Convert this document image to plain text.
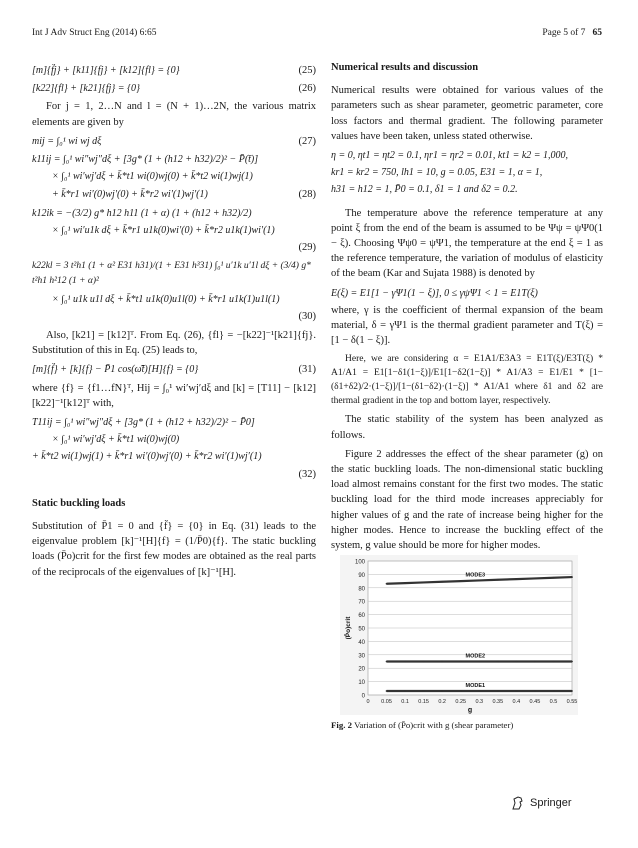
Int J Adv Struct Eng (2014) 6:65	Page 5 of 7 65
[m]{f̈j} + [k11]{fj} + [k12]{fl} = {0}	(25)
[k22]{fl} + [k21]{fj} = {0}	(26)

For j = 1, 2…N and l = (N + 1)…2N, the various matrix elements are given by

mij = ∫₀¹ wi wj dξ	(27)
k11ij = ∫₀¹ wi″wj″dξ + [3g* (1 + (h12 + h32)/2)² − P̄(t̄)]
× ∫₀¹ wi′wj′dξ + k̄*t1 wi(0)wj(0) + k̄*t2 wi(1)wj(1)
+ k̄*r1 wi′(0)wj′(0) + k̄*r2 wi′(1)wj′(1)	(28)
k12ik = −(3/2) g* h12 h11 (1 + α) (1 + (h12 + h32)/2)
× ∫₀¹ wi′u1k dξ + k̄*r1 u1k(0)wi′(0) + k̄*r2 u1k(1)wi′(1)
(29)
k22kl = 3 t²h1 (1 + α² E31 h31)/(1 + E31 h³31) ∫₀¹ u′1k u′1l dξ + (3/4) g* t²h1 h²12 (1 + α)²
× ∫₀¹ u1k u1l dξ + k̄*t1 u1k(0)u1l(0) + k̄*r1 u1k(1)u1l(1)
(30)

Also, [k21] = [k12]ᵀ. From Eq. (26), {fl} = −[k22]⁻¹[k21]{fj}. Substitution of this in Eq. (25) leads to,

[m]{f̈} + [k]{f} − P̄1 cos(ω̄t̄)[H]{f} = {0}	(31)

where {f} = {f1…fN}ᵀ, Hij = ∫₀¹ wi′wj′dξ and [k] = [T11] − [k12][k22]⁻¹[k12]ᵀ with,

T11ij = ∫₀¹ wi″wj″dξ + [3g* (1 + (h12 + h32)/2)² − P̄0]
× ∫₀¹ wi′wj′dξ + k̄*t1 wi(0)wj(0)
+ k̄*t2 wi(1)wj(1) + k̄*r1 wi′(0)wj′(0) + k̄*r2 wi′(1)wj′(1)
(32)
Static buckling loads

Substitution of P̄1 = 0 and {f̈} = {0} in Eq. (31) leads to the eigenvalue problem [k]⁻¹[H]{f} = (1/P̄0){f}. The static buckling loads (P̄o)crit for the first few modes are obtained as the real parts of the reciprocals of the eigenvalues of [k]⁻¹[H].

Numerical results and discussion

Numerical results were obtained for various values of the parameters such as shear parameter, geometric parameter, core loss factors and thermal gradient. The following parameter values have been taken, unless stated otherwise.

η = 0, ηt1 = ηt2 = 0.1, ηr1 = ηr2 = 0.01, kt1 = k2 = 1,000,
kr1 = kr2 = 750, lh1 = 10, g = 0.05, E31 = 1, α = 1,
h31 = h12 = 1, P̄0 = 0.1, δ1 = 1 and δ2 = 0.2.

The temperature above the reference temperature at any point ξ from the end of the beam is assumed to be Ψψ = ψΨ0(1 − ξ). Choosing Ψψ0 = ψΨ1, the temperature at the end ξ = 1 as the reference temperature, the variation of modulus of elasticity of the beam (Kar and Sujata 1988) is denoted by

E(ξ) = E1[1 − γΨ1(1 − ξ)], 0 ≤ γψΨ1 < 1 = E1T(ξ)

where, γ is the coefficient of thermal expansion of the beam material, δ = γΨ1 is the thermal gradient parameter and T(ξ) = [1 − δ(1 − ξ)].

Here, we are considering α = E1A1/E3A3 = E1T(ξ)/E3T(ξ) * A1/A1 = E1[1−δ1(1−ξ)]/E1[1−δ2(1−ξ)] * A1/A3 = E1/E1 * [1−(δ1+δ2)/2·(1−ξ)]/[1−(δ1−δ2)·(1−ξ)] * A1/A1 where δ1 and δ2 are thermal gradient in the top and bottom layer, respectively.

The static stability of the system has been analyzed as follows.

Figure 2 addresses the effect of the shear parameter (g) on the static buckling loads. The non-dimensional static buckling load almost remains constant for the first two modes. The static buckling load for the third mode increases appreciably for higher values of g and the rate of increase being higher for the higher modes. Hence to increase the buckling effect of the system, g value should be more for higher modes.

0
10
20
30
40
50
60
70
80
90
100
0 0.05 0.1 0.15 0.2 0.25 0.3 0.35 0.4 0.45 0.5 0.55
g
(P̄o)crit
MODE3
MODE2
MODE1
Fig. 2 Variation of (P̄o)crit with g (shear parameter)
Springer
